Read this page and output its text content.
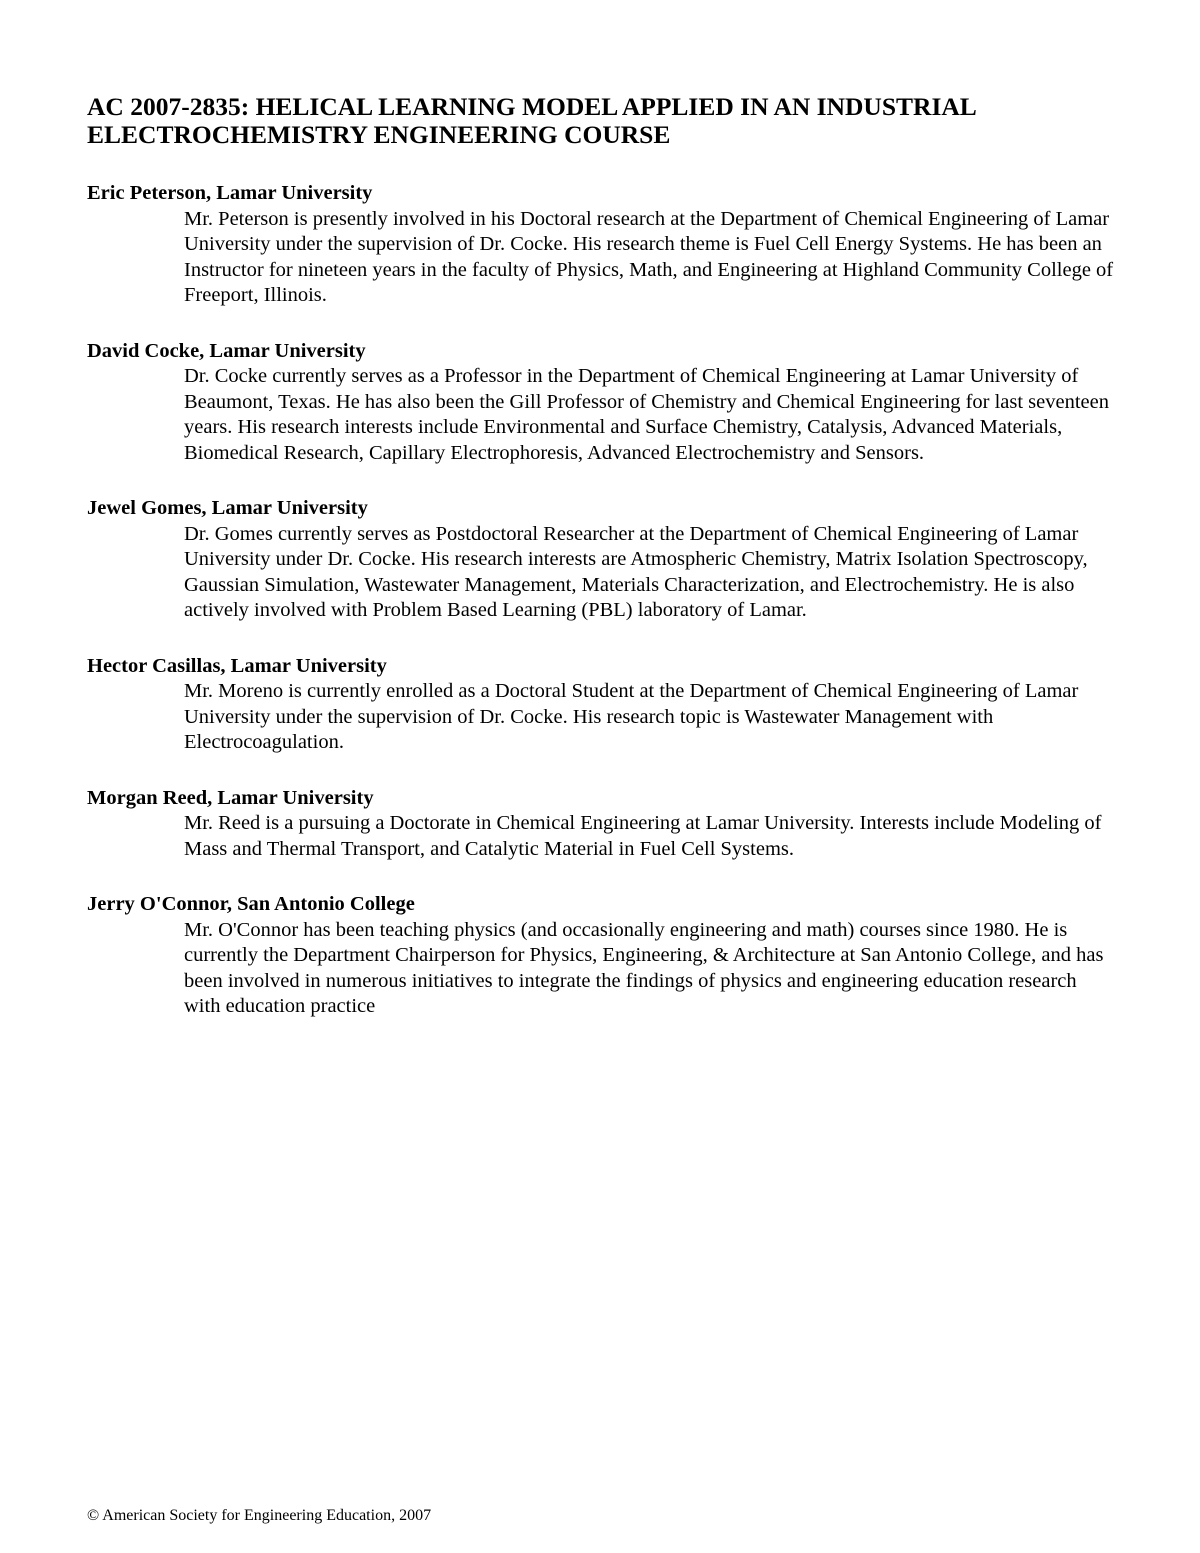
AC 2007-2835: HELICAL LEARNING MODEL APPLIED IN AN INDUSTRIAL ELECTROCHEMISTRY ENGINEERING COURSE
Eric Peterson, Lamar University
Mr. Peterson is presently involved in his Doctoral research at the Department of Chemical Engineering of Lamar University under the supervision of Dr. Cocke. His research theme is Fuel Cell Energy Systems. He has been an Instructor for nineteen years in the faculty of Physics, Math, and Engineering at Highland Community College of Freeport, Illinois.
David Cocke, Lamar University
Dr. Cocke currently serves as a Professor in the Department of Chemical Engineering at Lamar University of Beaumont, Texas. He has also been the Gill Professor of Chemistry and Chemical Engineering for last seventeen years. His research interests include Environmental and Surface Chemistry, Catalysis, Advanced Materials, Biomedical Research, Capillary Electrophoresis, Advanced Electrochemistry and Sensors.
Jewel Gomes, Lamar University
Dr. Gomes currently serves as Postdoctoral Researcher at the Department of Chemical Engineering of Lamar University under Dr. Cocke. His research interests are Atmospheric Chemistry, Matrix Isolation Spectroscopy, Gaussian Simulation, Wastewater Management, Materials Characterization, and Electrochemistry. He is also actively involved with Problem Based Learning (PBL) laboratory of Lamar.
Hector Casillas, Lamar University
Mr. Moreno is currently enrolled as a Doctoral Student at the Department of Chemical Engineering of Lamar University under the supervision of Dr. Cocke. His research topic is Wastewater Management with Electrocoagulation.
Morgan Reed, Lamar University
Mr. Reed is a pursuing a Doctorate in Chemical Engineering at Lamar University. Interests include Modeling of Mass and Thermal Transport, and Catalytic Material in Fuel Cell Systems.
Jerry O'Connor, San Antonio College
Mr. O'Connor has been teaching physics (and occasionally engineering and math) courses since 1980. He is currently the Department Chairperson for Physics, Engineering, & Architecture at San Antonio College, and has been involved in numerous initiatives to integrate the findings of physics and engineering education research with education practice
© American Society for Engineering Education, 2007
